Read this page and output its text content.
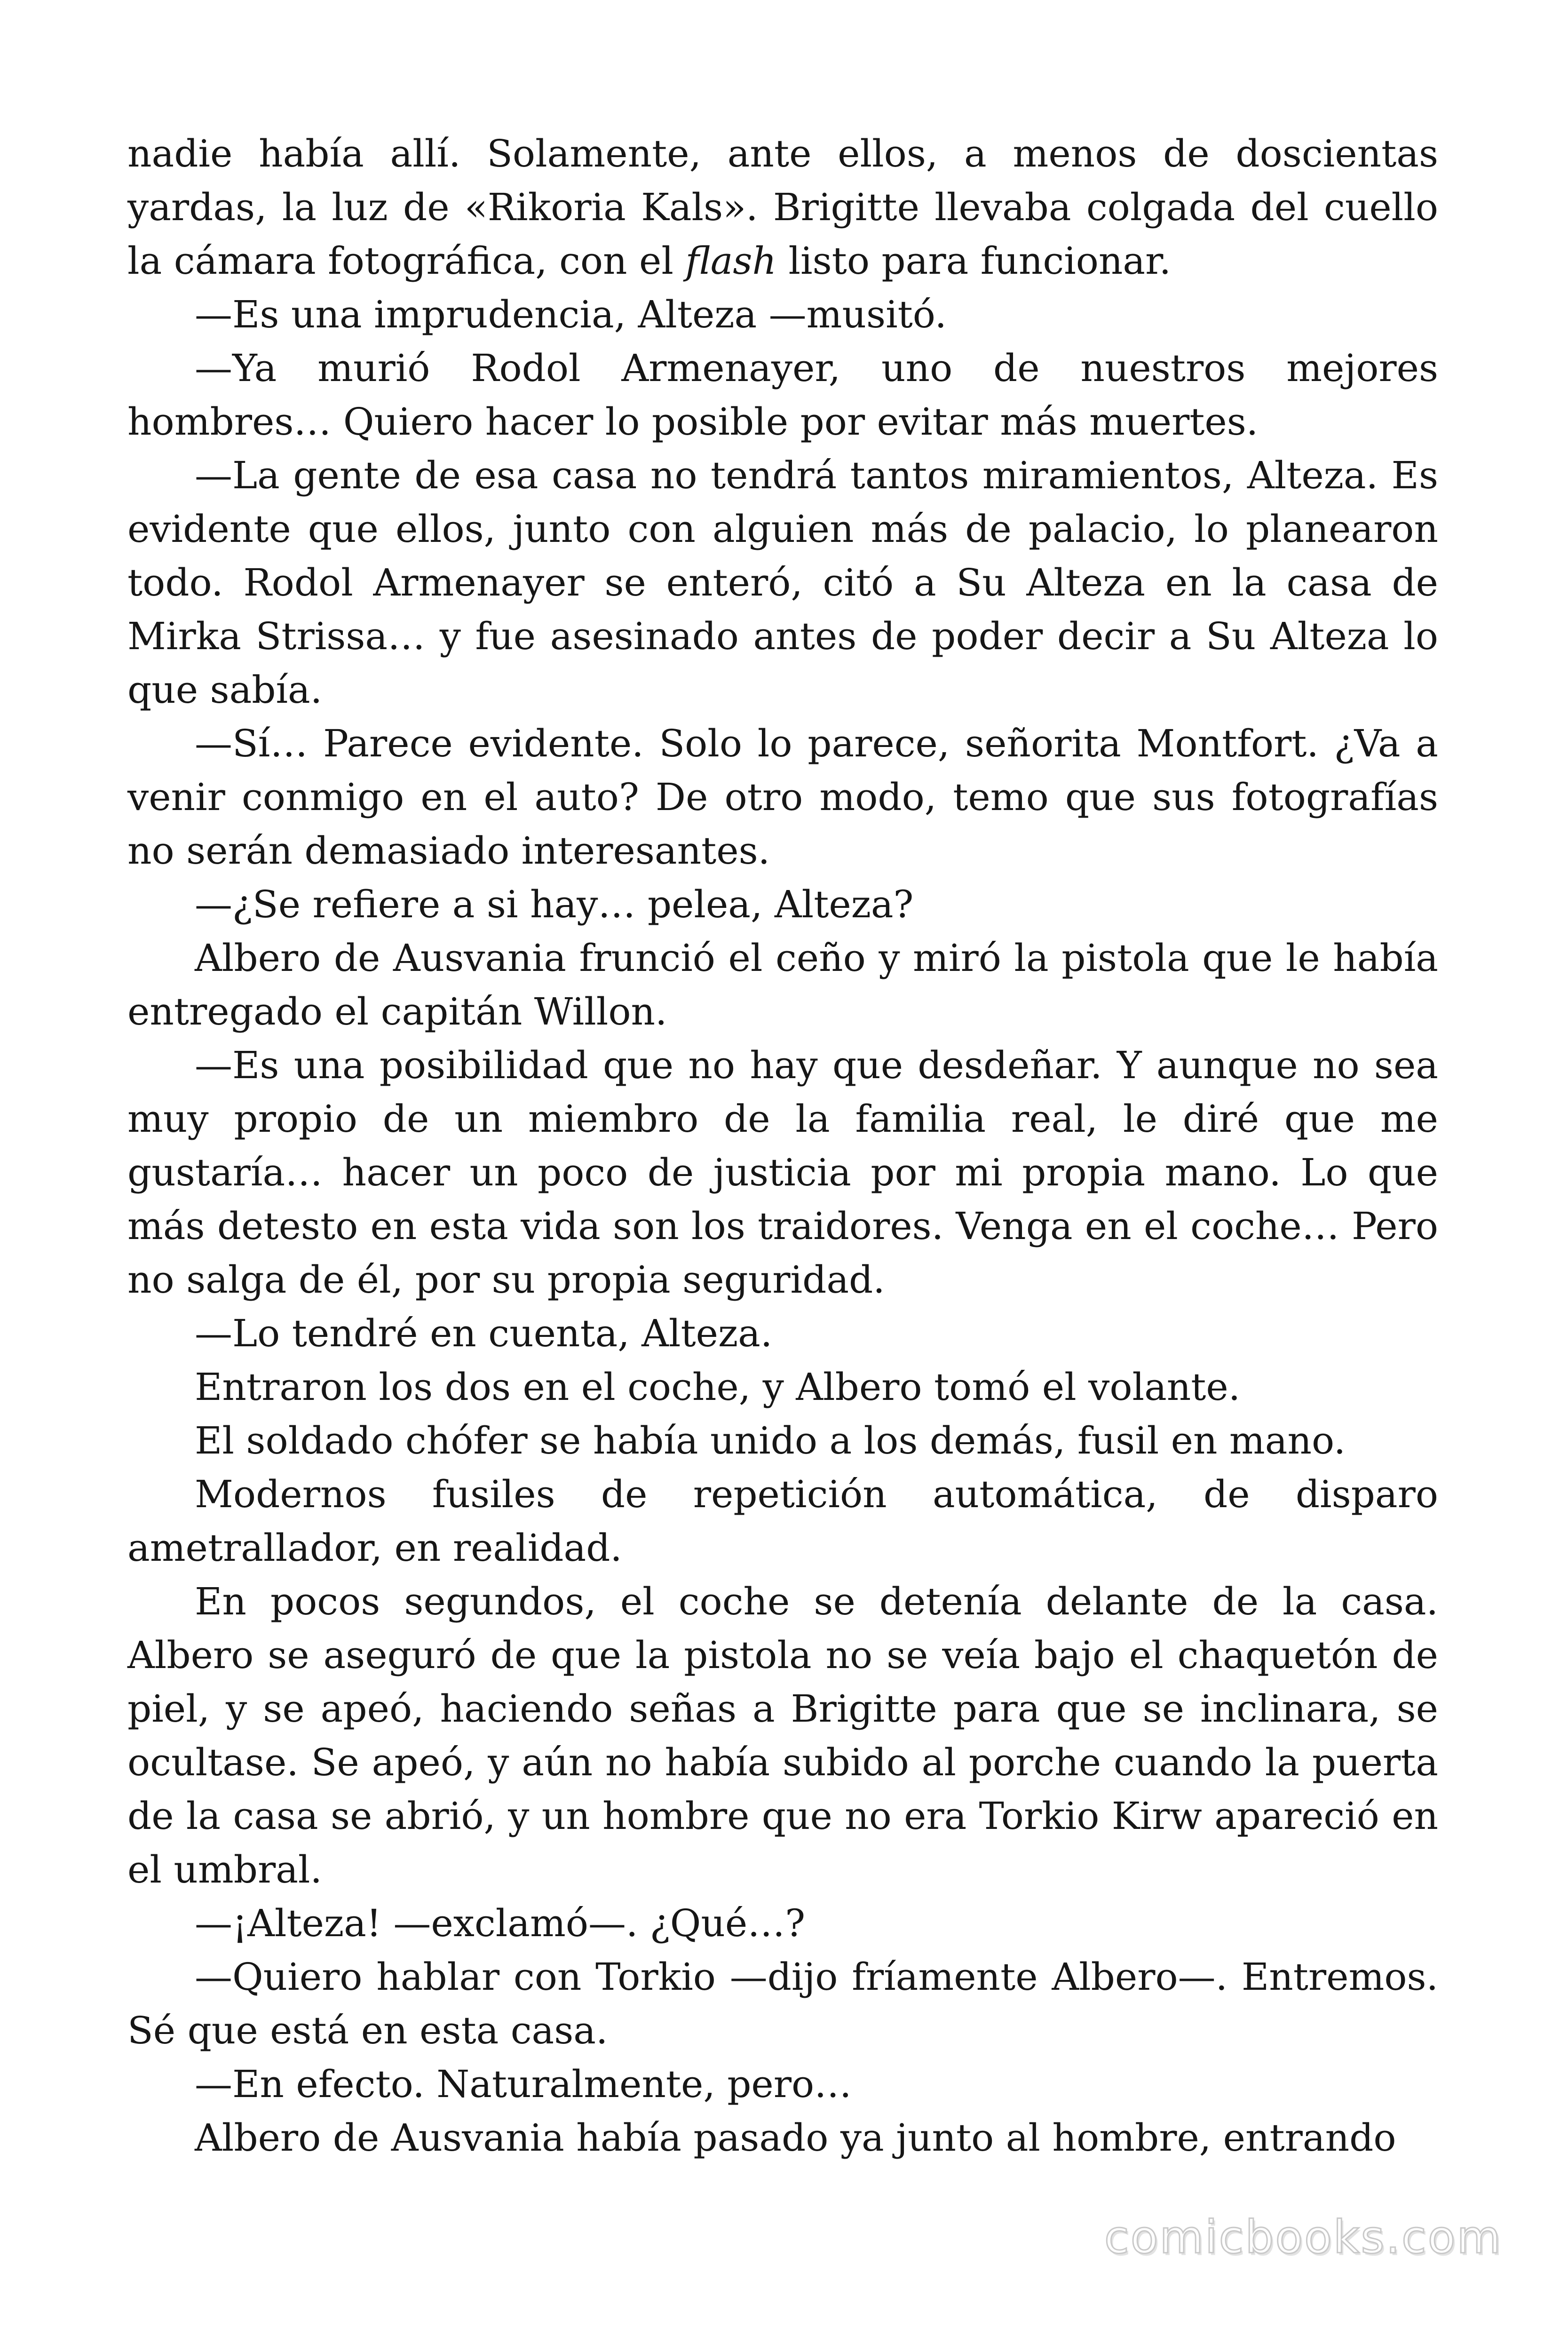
nadie había allí. Solamente, ante ellos, a menos de doscientas yardas, la luz de «Rikoria Kals». Brigitte llevaba colgada del cuello la cámara fotográfica, con el flash listo para funcionar.

—Es una imprudencia, Alteza —musitó.

—Ya murió Rodol Armenayer, uno de nuestros mejores hombres… Quiero hacer lo posible por evitar más muertes.

—La gente de esa casa no tendrá tantos miramientos, Alteza. Es evidente que ellos, junto con alguien más de palacio, lo planearon todo. Rodol Armenayer se enteró, citó a Su Alteza en la casa de Mirka Strissa… y fue asesinado antes de poder decir a Su Alteza lo que sabía.

—Sí… Parece evidente. Solo lo parece, señorita Montfort. ¿Va a venir conmigo en el auto? De otro modo, temo que sus fotografías no serán demasiado interesantes.

—¿Se refiere a si hay… pelea, Alteza?

Albero de Ausvania frunció el ceño y miró la pistola que le había entregado el capitán Willon.

—Es una posibilidad que no hay que desdeñar. Y aunque no sea muy propio de un miembro de la familia real, le diré que me gustaría… hacer un poco de justicia por mi propia mano. Lo que más detesto en esta vida son los traidores. Venga en el coche… Pero no salga de él, por su propia seguridad.

—Lo tendré en cuenta, Alteza.

Entraron los dos en el coche, y Albero tomó el volante.

El soldado chófer se había unido a los demás, fusil en mano.

Modernos fusiles de repetición automática, de disparo ametrallador, en realidad.

En pocos segundos, el coche se detenía delante de la casa. Albero se aseguró de que la pistola no se veía bajo el chaquetón de piel, y se apeó, haciendo señas a Brigitte para que se inclinara, se ocultase. Se apeó, y aún no había subido al porche cuando la puerta de la casa se abrió, y un hombre que no era Torkio Kirw apareció en el umbral.

—¡Alteza! —exclamó—. ¿Qué…?

—Quiero hablar con Torkio —dijo fríamente Albero—. Entremos. Sé que está en esta casa.

—En efecto. Naturalmente, pero…

Albero de Ausvania había pasado ya junto al hombre, entrando

comicbooks.com
